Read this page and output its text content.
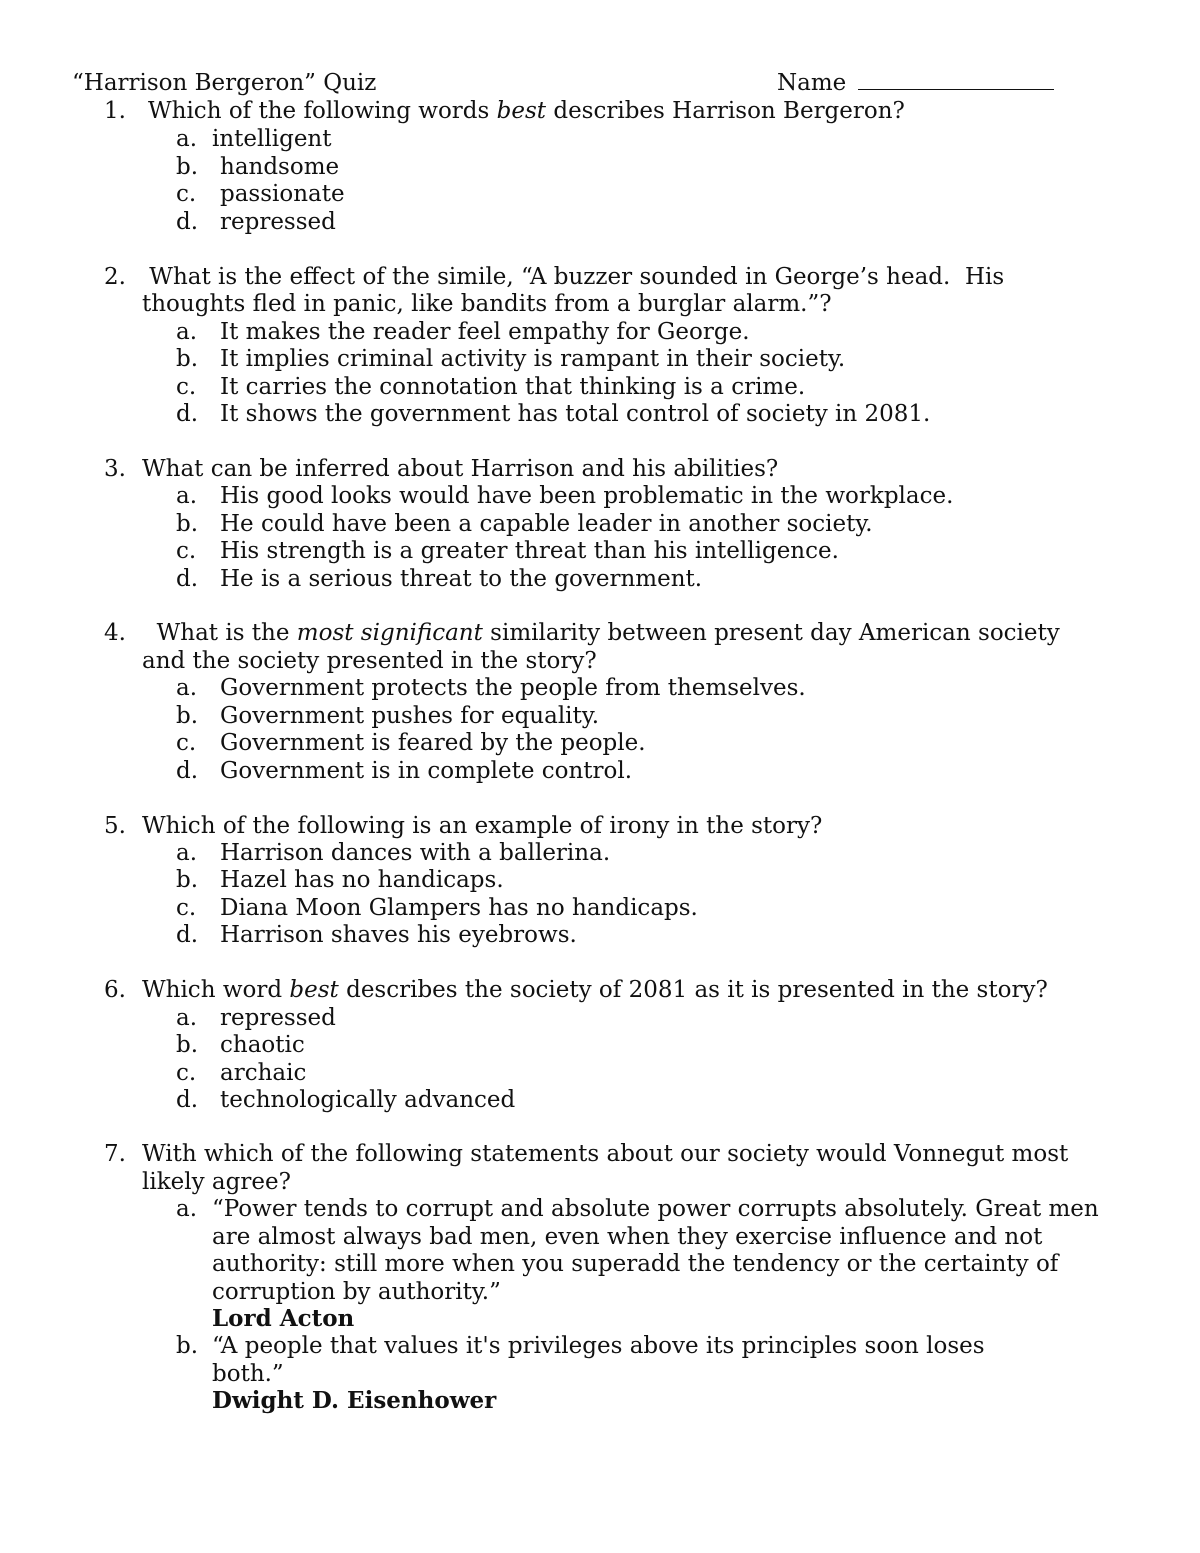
“Harrison Bergeron” Quiz	Name
1. Which of the following words best describes Harrison Bergeron?
a. intelligent
b. handsome
c.	passionate
d. repressed
2. What is the effect of the simile, “A buzzer sounded in George’s head.  His
thoughts fled in panic, like bandits from a burglar alarm.”?
a. It makes the reader feel empathy for George.
b. It implies criminal activity is rampant in their society.
c.	It carries the connotation that thinking is a crime.
d. It shows the government has total control of society in 2081.
3. What can be inferred about Harrison and his abilities?
a. His good looks would have been problematic in the workplace.
b. He could have been a capable leader in another society.
c.	His strength is a greater threat than his intelligence.
d. He is a serious threat to the government.
4. What is the most significant similarity between present day American society
and the society presented in the story?
a. Government protects the people from themselves.
b. Government pushes for equality.
c.	Government is feared by the people.
d. Government is in complete control.
5. Which of the following is an example of irony in the story?
a. Harrison dances with a ballerina.
b. Hazel has no handicaps.
c.	Diana Moon Glampers has no handicaps.
d. Harrison shaves his eyebrows.
6. Which word best describes the society of 2081 as it is presented in the story?
a. repressed
b. chaotic
c.	archaic
d. technologically advanced
7. With which of the following statements about our society would Vonnegut most
likely agree?
a. “Power tends to corrupt and absolute power corrupts absolutely. Great men
are almost always bad men, even when they exercise influence and not
authority: still more when you superadd the tendency or the certainty of
corruption by authority.”
Lord Acton
b. “A people that values it's privileges above its principles soon loses
both.”
Dwight D. Eisenhower
